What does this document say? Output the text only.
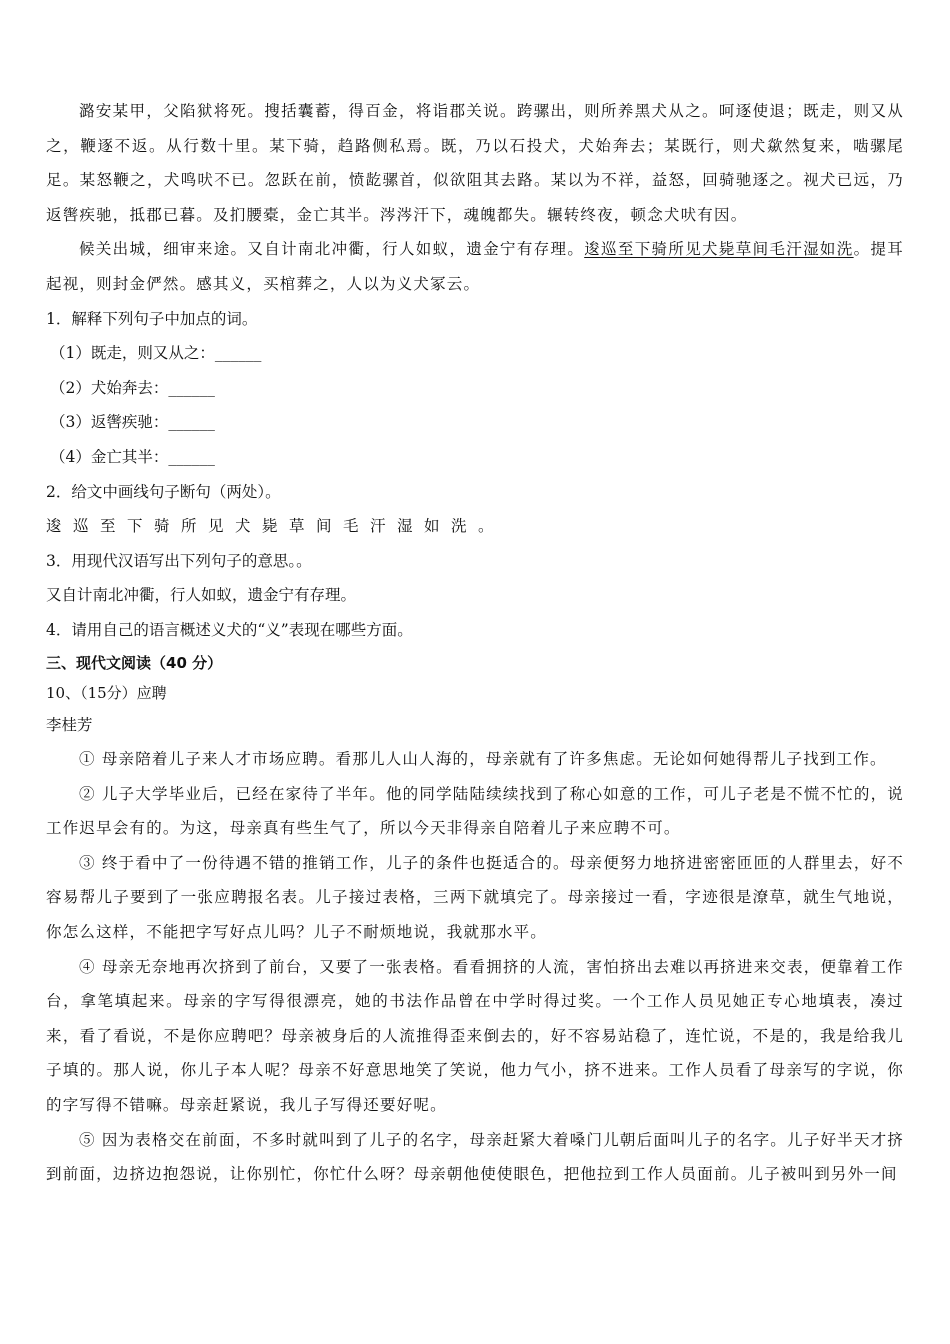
潞安某甲，父陷狱将死。搜括囊蓄，得百金，将诣郡关说。跨骡出，则所养黑犬从之。呵逐使退；既走，则又从之，鞭逐不返。从行数十里。某下骑，趋路侧私焉。既，乃以石投犬，犬始奔去；某既行，则犬歘然复来，啮骡尾足。某怒鞭之，犬鸣吠不已。忽跃在前，愤龁骡首，似欲阻其去路。某以为不祥，益怒，回骑驰逐之。视犬已远，乃返辔疾驰，抵郡已暮。及扪腰橐，金亡其半。涔涔汗下，魂魄都失。辗转终夜，顿念犬吠有因。

候关出城，细审来途。又自计南北冲衢，行人如蚁，遗金宁有存理。逡巡至下骑所见犬毙草间毛汗湿如洗。提耳起视，则封金俨然。感其义，买棺葬之，人以为义犬冢云。

1．解释下列句子中加点的词。

（1）既走，则又从之：______

（2）犬始奔去：______

（3）返辔疾驰：______

（4）金亡其半：______

2．给文中画线句子断句（两处）。

逡巡至下骑所见犬毙草间毛汗湿如洗。

3．用现代汉语写出下列句子的意思。。

又自计南北冲衢，行人如蚁，遗金宁有存理。

4．请用自己的语言概述义犬的“义”表现在哪些方面。

三、现代文阅读（40 分）

10、（15分）应聘

李桂芳

① 母亲陪着儿子来人才市场应聘。看那儿人山人海的，母亲就有了许多焦虑。无论如何她得帮儿子找到工作。

② 儿子大学毕业后，已经在家待了半年。他的同学陆陆续续找到了称心如意的工作，可儿子老是不慌不忙的，说工作迟早会有的。为这，母亲真有些生气了，所以今天非得亲自陪着儿子来应聘不可。

③ 终于看中了一份待遇不错的推销工作，儿子的条件也挺适合的。母亲便努力地挤进密密匝匝的人群里去，好不容易帮儿子要到了一张应聘报名表。儿子接过表格，三两下就填完了。母亲接过一看，字迹很是潦草，就生气地说，你怎么这样，不能把字写好点儿吗？儿子不耐烦地说，我就那水平。

④ 母亲无奈地再次挤到了前台，又要了一张表格。看看拥挤的人流，害怕挤出去难以再挤进来交表，便靠着工作台，拿笔填起来。母亲的字写得很漂亮，她的书法作品曾在中学时得过奖。一个工作人员见她正专心地填表，凑过来，看了看说，不是你应聘吧？母亲被身后的人流推得歪来倒去的，好不容易站稳了，连忙说，不是的，我是给我儿子填的。那人说，你儿子本人呢？母亲不好意思地笑了笑说，他力气小，挤不进来。工作人员看了母亲写的字说，你的字写得不错嘛。母亲赶紧说，我儿子写得还要好呢。

⑤ 因为表格交在前面，不多时就叫到了儿子的名字，母亲赶紧大着嗓门儿朝后面叫儿子的名字。儿子好半天才挤到前面，边挤边抱怨说，让你别忙，你忙什么呀？母亲朝他使使眼色，把他拉到工作人员面前。儿子被叫到另外一间
